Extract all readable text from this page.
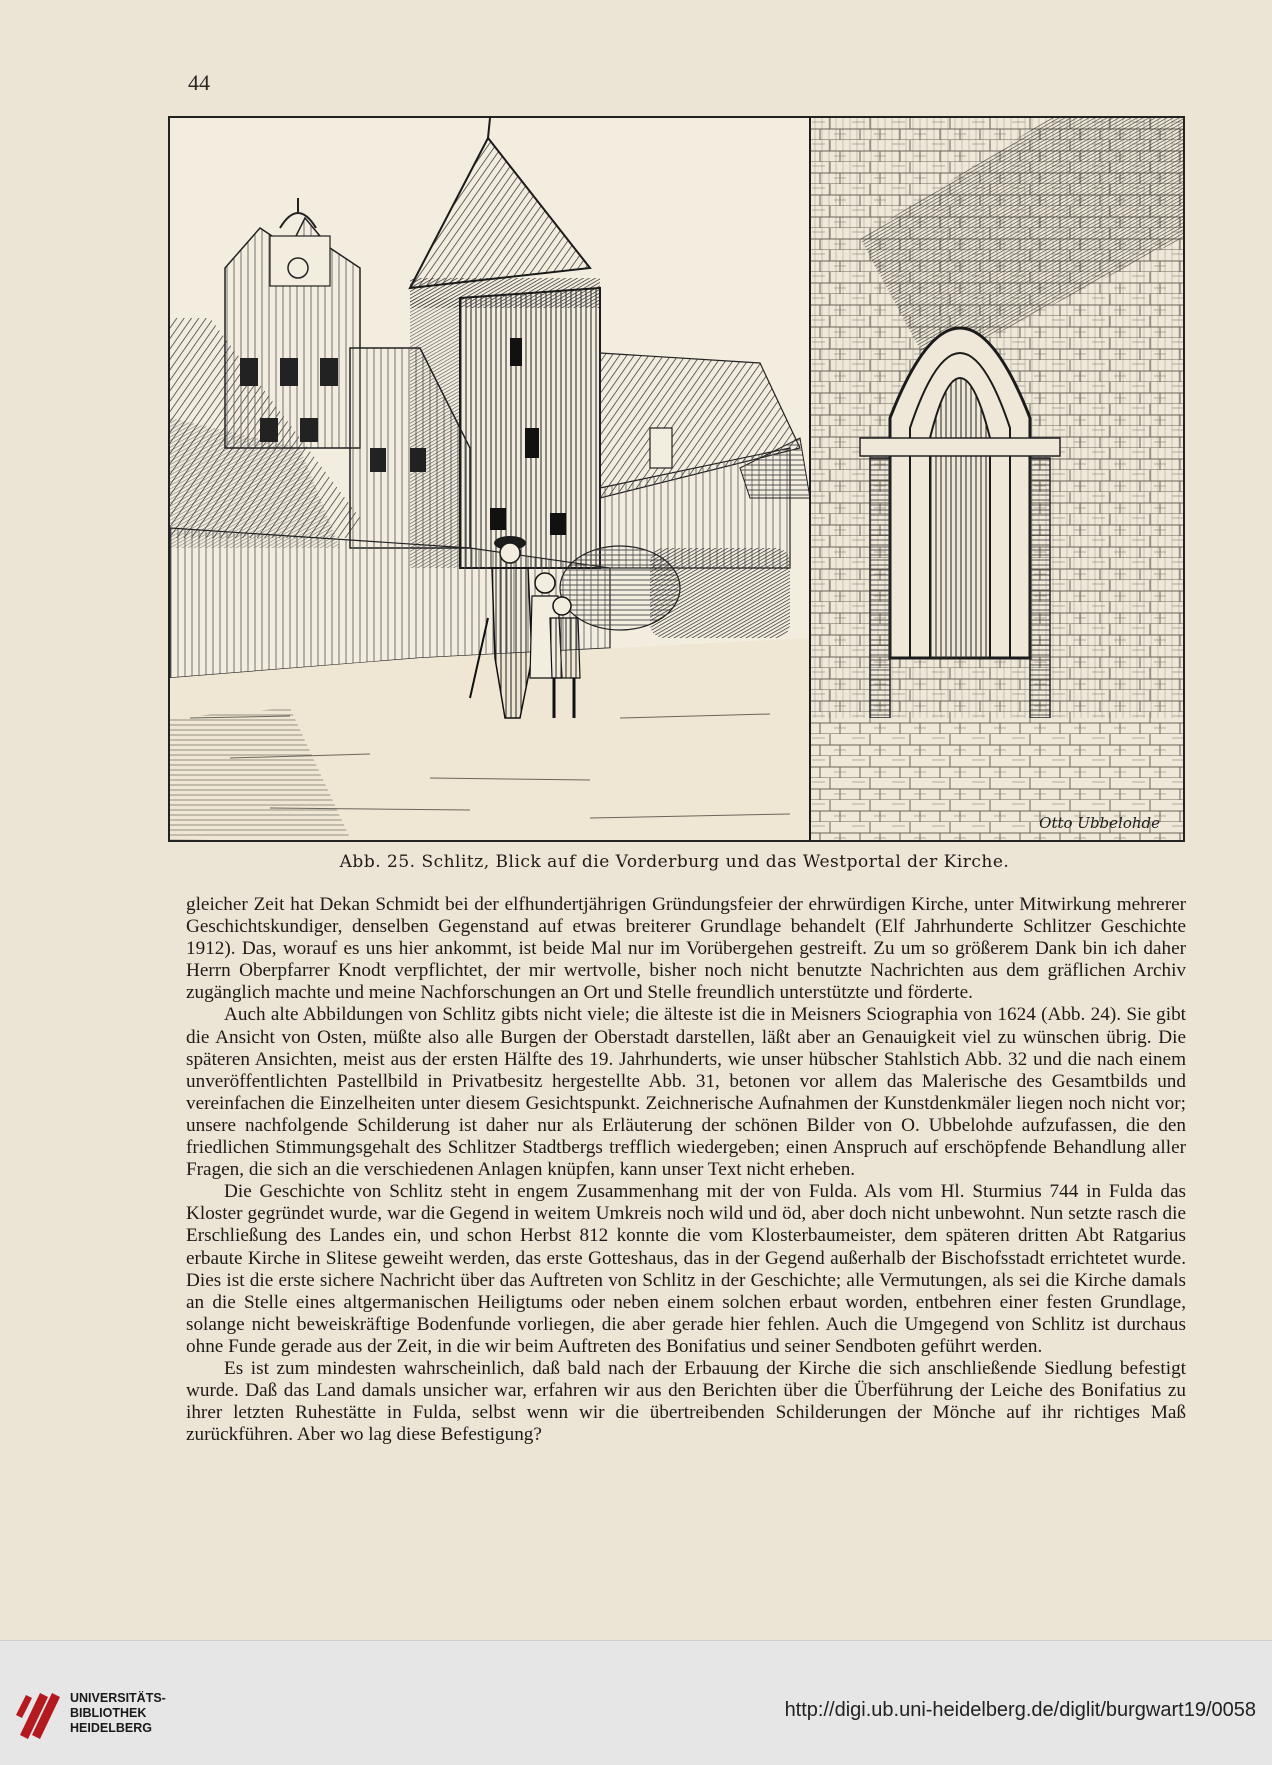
44
Otto Ubbelohde
Abb. 25. Schlitz, Blick auf die Vorderburg und das Westportal der Kirche.

gleicher Zeit hat Dekan Schmidt bei der elfhundertjährigen Gründungsfeier der ehrwürdigen Kirche, unter Mitwirkung mehrerer Geschichtskundiger, denselben Gegenstand auf etwas breiterer Grundlage behandelt (Elf Jahrhunderte Schlitzer Geschichte 1912). Das, worauf es uns hier ankommt, ist beide Mal nur im Vorübergehen gestreift. Zu um so größerem Dank bin ich daher Herrn Oberpfarrer Knodt verpflichtet, der mir wertvolle, bisher noch nicht benutzte Nachrichten aus dem gräflichen Archiv zugänglich machte und meine Nachforschungen an Ort und Stelle freundlich unterstützte und förderte.

Auch alte Abbildungen von Schlitz gibts nicht viele; die älteste ist die in Meisners Sciographia von 1624 (Abb. 24). Sie gibt die Ansicht von Osten, müßte also alle Burgen der Oberstadt darstellen, läßt aber an Genauigkeit viel zu wünschen übrig. Die späteren Ansichten, meist aus der ersten Hälfte des 19. Jahrhunderts, wie unser hübscher Stahlstich Abb. 32 und die nach einem unveröffentlichten Pastellbild in Privatbesitz hergestellte Abb. 31, betonen vor allem das Malerische des Gesamtbilds und vereinfachen die Einzelheiten unter diesem Gesichtspunkt. Zeichnerische Aufnahmen der Kunstdenkmäler liegen noch nicht vor; unsere nachfolgende Schilderung ist daher nur als Erläuterung der schönen Bilder von O. Ubbelohde aufzufassen, die den friedlichen Stimmungsgehalt des Schlitzer Stadtbergs trefflich wiedergeben; einen Anspruch auf erschöpfende Behandlung aller Fragen, die sich an die verschiedenen Anlagen knüpfen, kann unser Text nicht erheben.

Die Geschichte von Schlitz steht in engem Zusammenhang mit der von Fulda. Als vom Hl. Sturmius 744 in Fulda das Kloster gegründet wurde, war die Gegend in weitem Umkreis noch wild und öd, aber doch nicht unbewohnt. Nun setzte rasch die Erschließung des Landes ein, und schon Herbst 812 konnte die vom Klosterbaumeister, dem späteren dritten Abt Ratgarius erbaute Kirche in Slitese geweiht werden, das erste Gotteshaus, das in der Gegend außerhalb der Bischofsstadt errichtetet wurde. Dies ist die erste sichere Nachricht über das Auftreten von Schlitz in der Geschichte; alle Vermutungen, als sei die Kirche damals an die Stelle eines altgermanischen Heiligtums oder neben einem solchen erbaut worden, entbehren einer festen Grundlage, solange nicht beweiskräftige Bodenfunde vorliegen, die aber gerade hier fehlen. Auch die Umgegend von Schlitz ist durchaus ohne Funde gerade aus der Zeit, in die wir beim Auftreten des Bonifatius und seiner Sendboten geführt werden.

Es ist zum mindesten wahrscheinlich, daß bald nach der Erbauung der Kirche die sich anschließende Siedlung befestigt wurde. Daß das Land damals unsicher war, erfahren wir aus den Berichten über die Überführung der Leiche des Bonifatius zu ihrer letzten Ruhestätte in Fulda, selbst wenn wir die übertreibenden Schilderungen der Mönche auf ihr richtiges Maß zurückführen. Aber wo lag diese Befestigung?

UNIVERSITÄTS-
BIBLIOTHEK
HEIDELBERG
http://digi.ub.uni-heidelberg.de/diglit/burgwart19/0058
